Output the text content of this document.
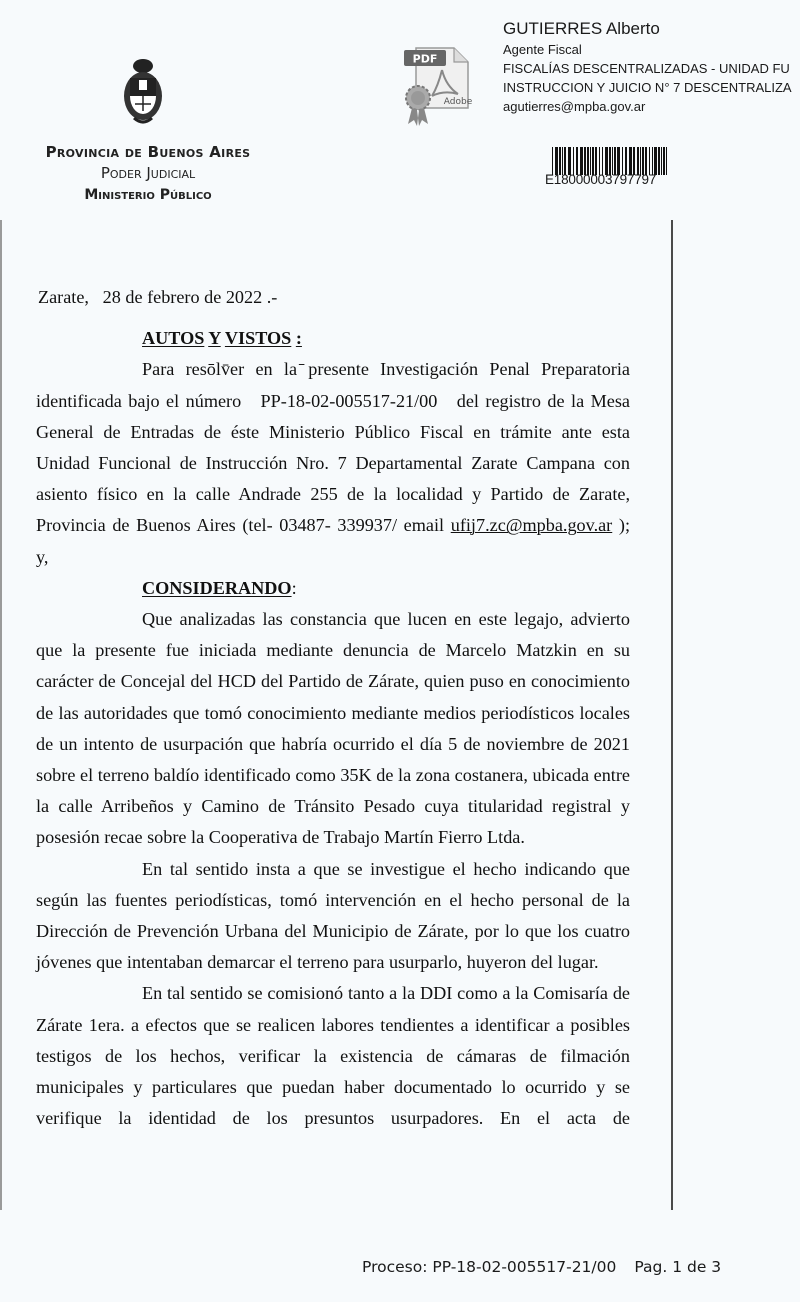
Provincia de Buenos Aires
Poder Judicial
Ministerio Público
PDF
Adobe
GUTIERRES Alberto
Agente Fiscal
FISCALÍAS DESCENTRALIZADAS - UNIDAD FU
INSTRUCCION Y JUICIO N° 7 DESCENTRALIZA
agutierres@mpba.gov.ar
E18000003797797

Zarate,   28 de febrero de 2022 .-

AUTOS Y VISTOS :

Para resōlv̄er en la ̄presente Investigación Penal Preparatoria

identificada bajo el número   PP-18-02-005517-21/00   del registro de la Mesa

General de Entradas de éste Ministerio Público Fiscal en trámite ante esta

Unidad Funcional de Instrucción Nro. 7 Departamental Zarate Campana con

asiento físico en la calle Andrade 255 de la localidad y Partido de Zarate,

Provincia de Buenos Aires (tel- 03487- 339937/ email ufij7.zc@mpba.gov.ar );

y,

CONSIDERANDO:

Que analizadas las constancia que lucen en este legajo, advierto que la presente fue iniciada mediante denuncia de Marcelo Matzkin en su carácter de Concejal del HCD del Partido de Zárate, quien puso en conocimiento de las autoridades que tomó conocimiento mediante medios periodísticos locales de un intento de usurpación que habría ocurrido el día 5 de noviembre de 2021 sobre el terreno baldío identificado como 35K de la zona costanera, ubicada entre la calle Arribeños y Camino de Tránsito Pesado cuya titularidad registral y posesión recae sobre la Cooperativa de Trabajo Martín Fierro Ltda.

En tal sentido insta a que se investigue el hecho indicando que según las fuentes periodísticas, tomó intervención en el hecho personal de la Dirección de Prevención Urbana del Municipio de Zárate, por lo que los cuatro jóvenes que intentaban demarcar el terreno para usurparlo, huyeron del lugar.

En tal sentido se comisionó tanto a la DDI como a la Comisaría de Zárate 1era. a efectos que se realicen labores tendientes a identificar a posibles testigos de los hechos, verificar la existencia de cámaras de filmación municipales y particulares que puedan haber documentado lo ocurrido y se verifique la identidad de los presuntos usurpadores. En el acta de

Proceso: PP-18-02-005517-21/00 Pag. 1 de 3
